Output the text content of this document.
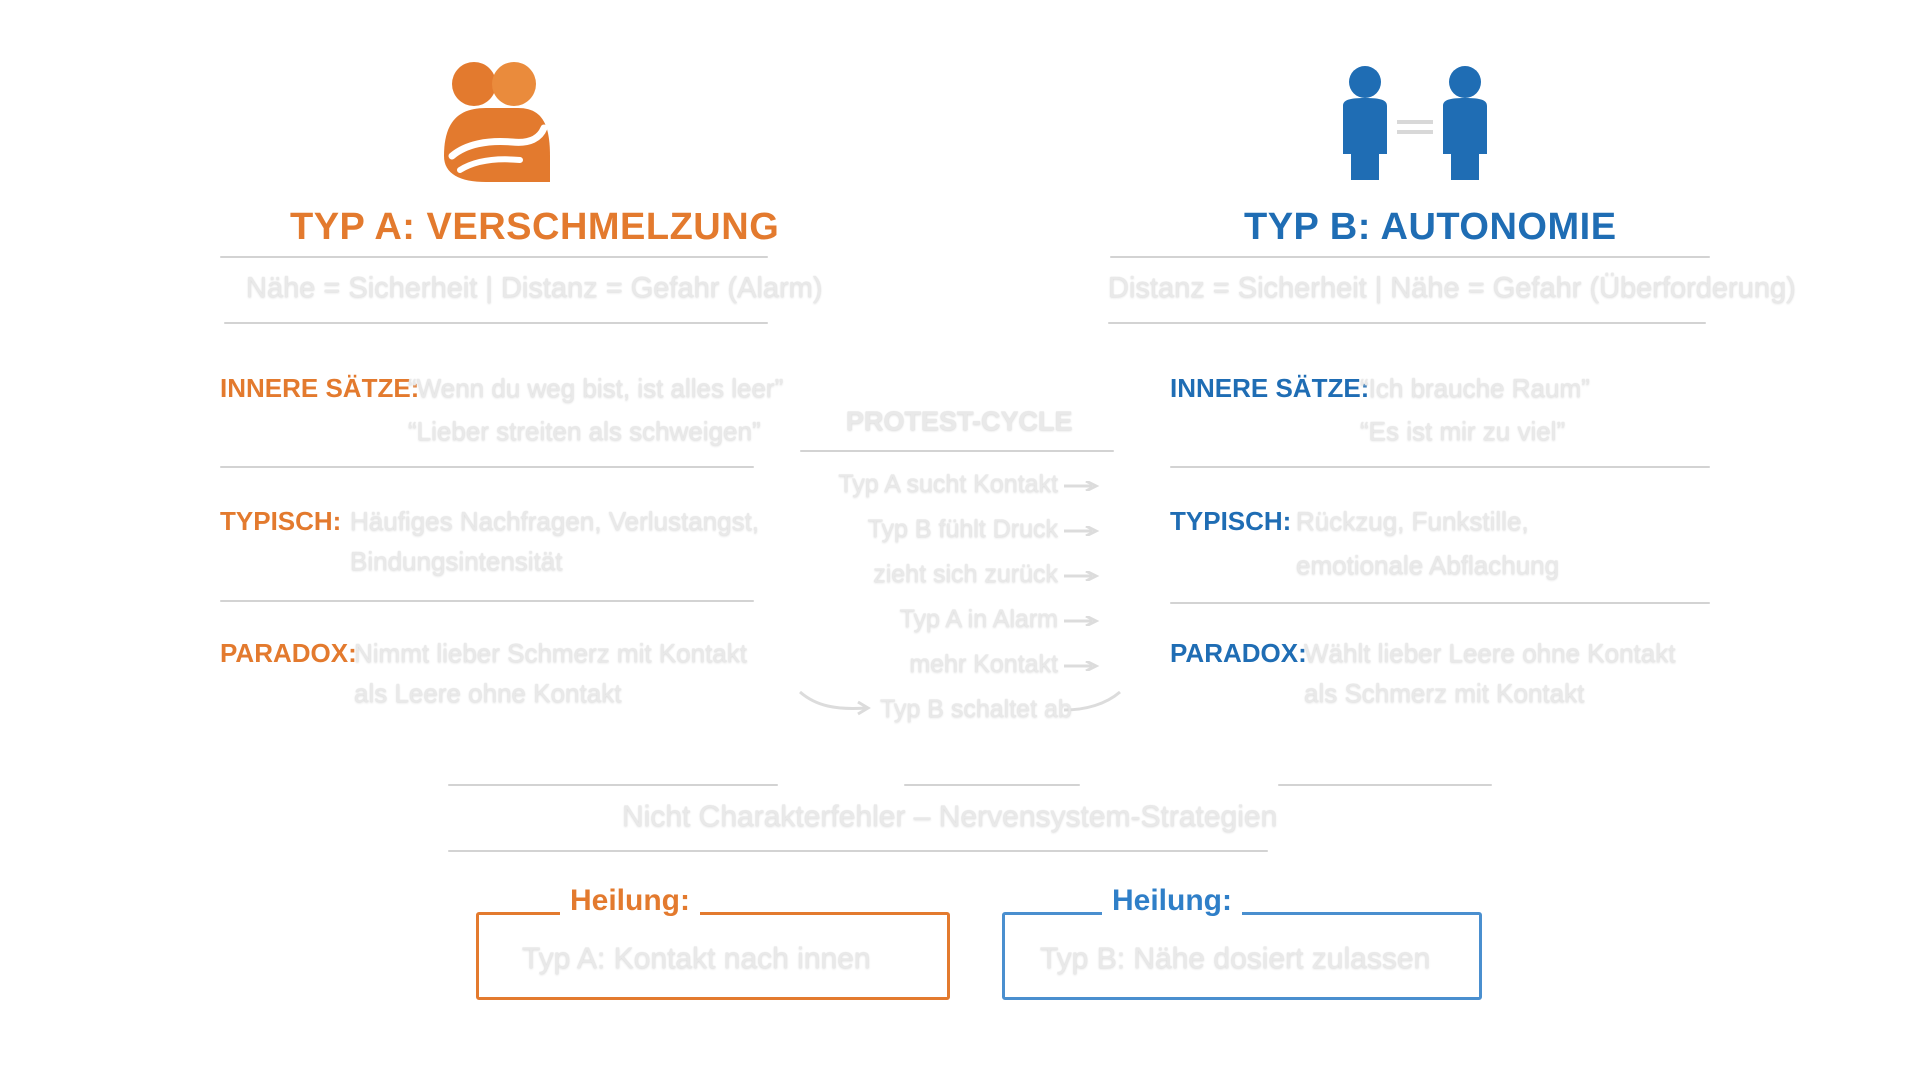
TYP A: VERSCHMELZUNG
Nähe = Sicherheit | Distanz = Gefahr (Alarm)
INNERE SÄTZE:
“Wenn du weg bist, ist alles leer”
“Lieber streiten als schweigen”
TYPISCH: Häufiges Nachfragen, Verlustangst,
Bindungsintensität
PARADOX:
Nimmt lieber Schmerz mit Kontakt
als Leere ohne Kontakt
TYP B: AUTONOMIE
Distanz = Sicherheit | Nähe = Gefahr (Überforderung)
INNERE SÄTZE:
“Ich brauche Raum”
“Es ist mir zu viel”
TYPISCH: Rückzug, Funkstille,
emotionale Abflachung
PARADOX:
Wählt lieber Leere ohne Kontakt
als Schmerz mit Kontakt
PROTEST-CYCLE
Typ A sucht Kontakt
Typ B fühlt Druck
zieht sich zurück
Typ A in Alarm
mehr Kontakt
Typ B schaltet ab
Nicht Charakterfehler – Nervensystem-Strategien
Heilung:
Typ A: Kontakt nach innen
Heilung:
Typ B: Nähe dosiert zulassen
